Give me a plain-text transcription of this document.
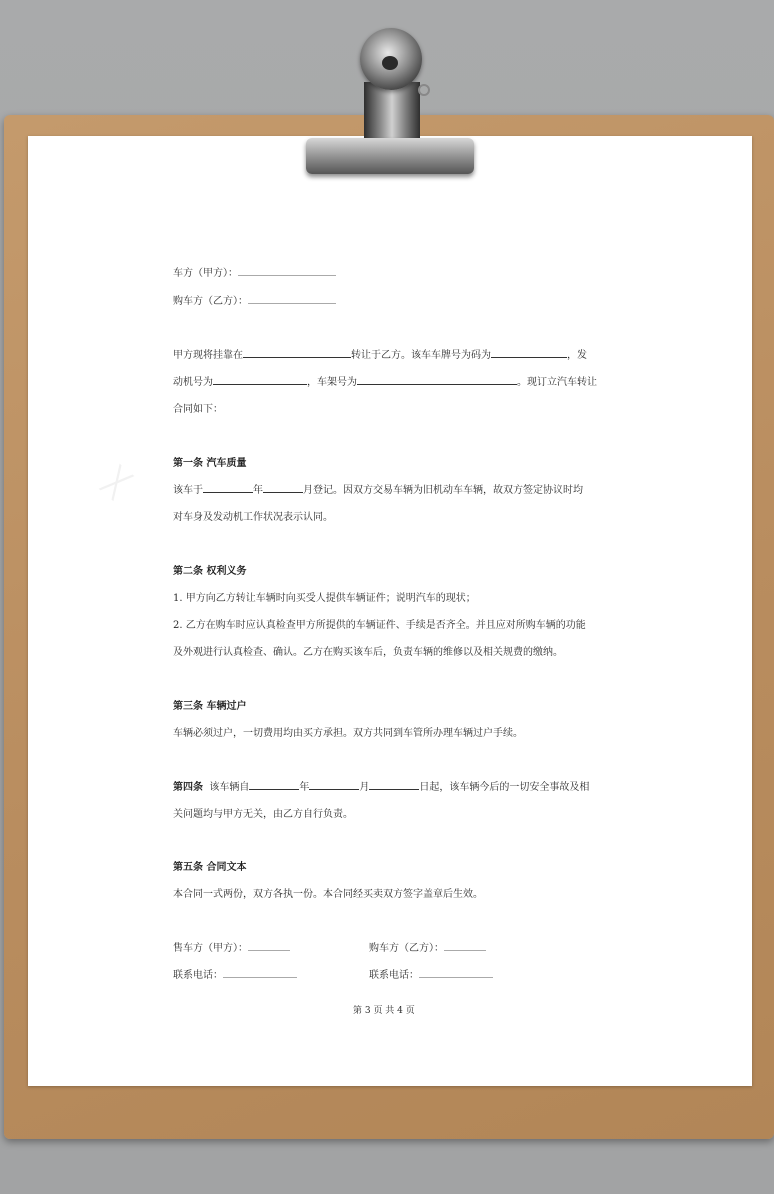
╳
车方（甲方）：
购车方（乙方）：
甲方现将挂靠在	转让于乙方。该车车牌号为码为	，发
动机号为	，车架号为	。现订立汽车转让
合同如下：
第一条 汽车质量
该车于	年	月登记。因双方交易车辆为旧机动车车辆，故双方签定协议时均
对车身及发动机工作状况表示认同。
第二条 权利义务
1. 甲方向乙方转让车辆时向买受人提供车辆证件；说明汽车的现状；
2. 乙方在购车时应认真检查甲方所提供的车辆证件、手续是否齐全。并且应对所购车辆的功能
及外观进行认真检查、确认。乙方在购买该车后，负责车辆的维修以及相关规费的缴纳。
第三条 车辆过户
车辆必须过户，一切费用均由买方承担。双方共同到车管所办理车辆过户手续。
第四条 该车辆自	年	月	日起，该车辆今后的一切安全事故及相
关问题均与甲方无关，由乙方自行负责。
第五条 合同文本
本合同一式两份，双方各执一份。本合同经买卖双方签字盖章后生效。
售车方（甲方）：	购车方（乙方）：
联系电话：	联系电话：
第 3 页 共 4 页
